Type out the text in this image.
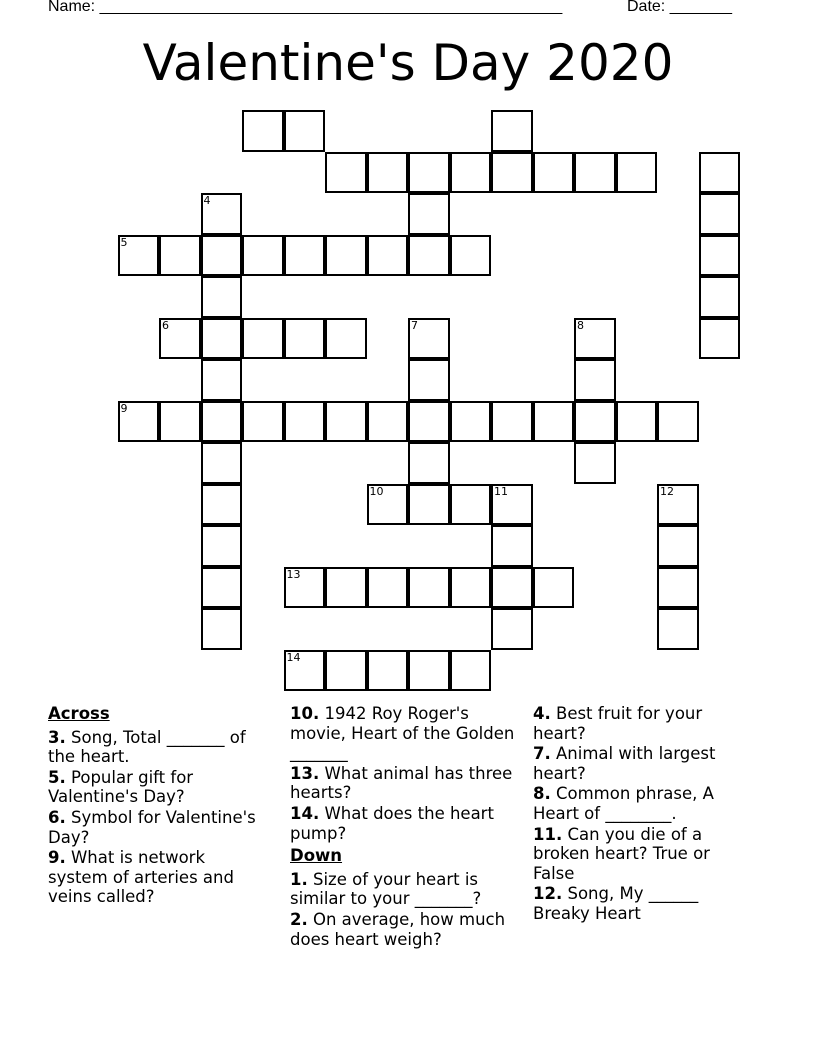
Name: ____________________________________________________	Date: _______
Valentine's Day 2020
4
5
6	7	8
9
10	11	12
13
14
Across
3. Song, Total _______ of the heart.
5. Popular gift for Valentine's Day?
6. Symbol for Valentine's Day?
9. What is network system of arteries and veins called?
10. 1942 Roy Roger's movie, Heart of the Golden _______
13. What animal has three hearts?
14. What does the heart pump?
Down
1. Size of your heart is similar to your _______?
2. On average, how much does heart weigh?
4. Best fruit for your heart?
7. Animal with largest heart?
8. Common phrase, A Heart of ________.
11. Can you die of a broken heart? True or False
12. Song, My ______ Breaky Heart
